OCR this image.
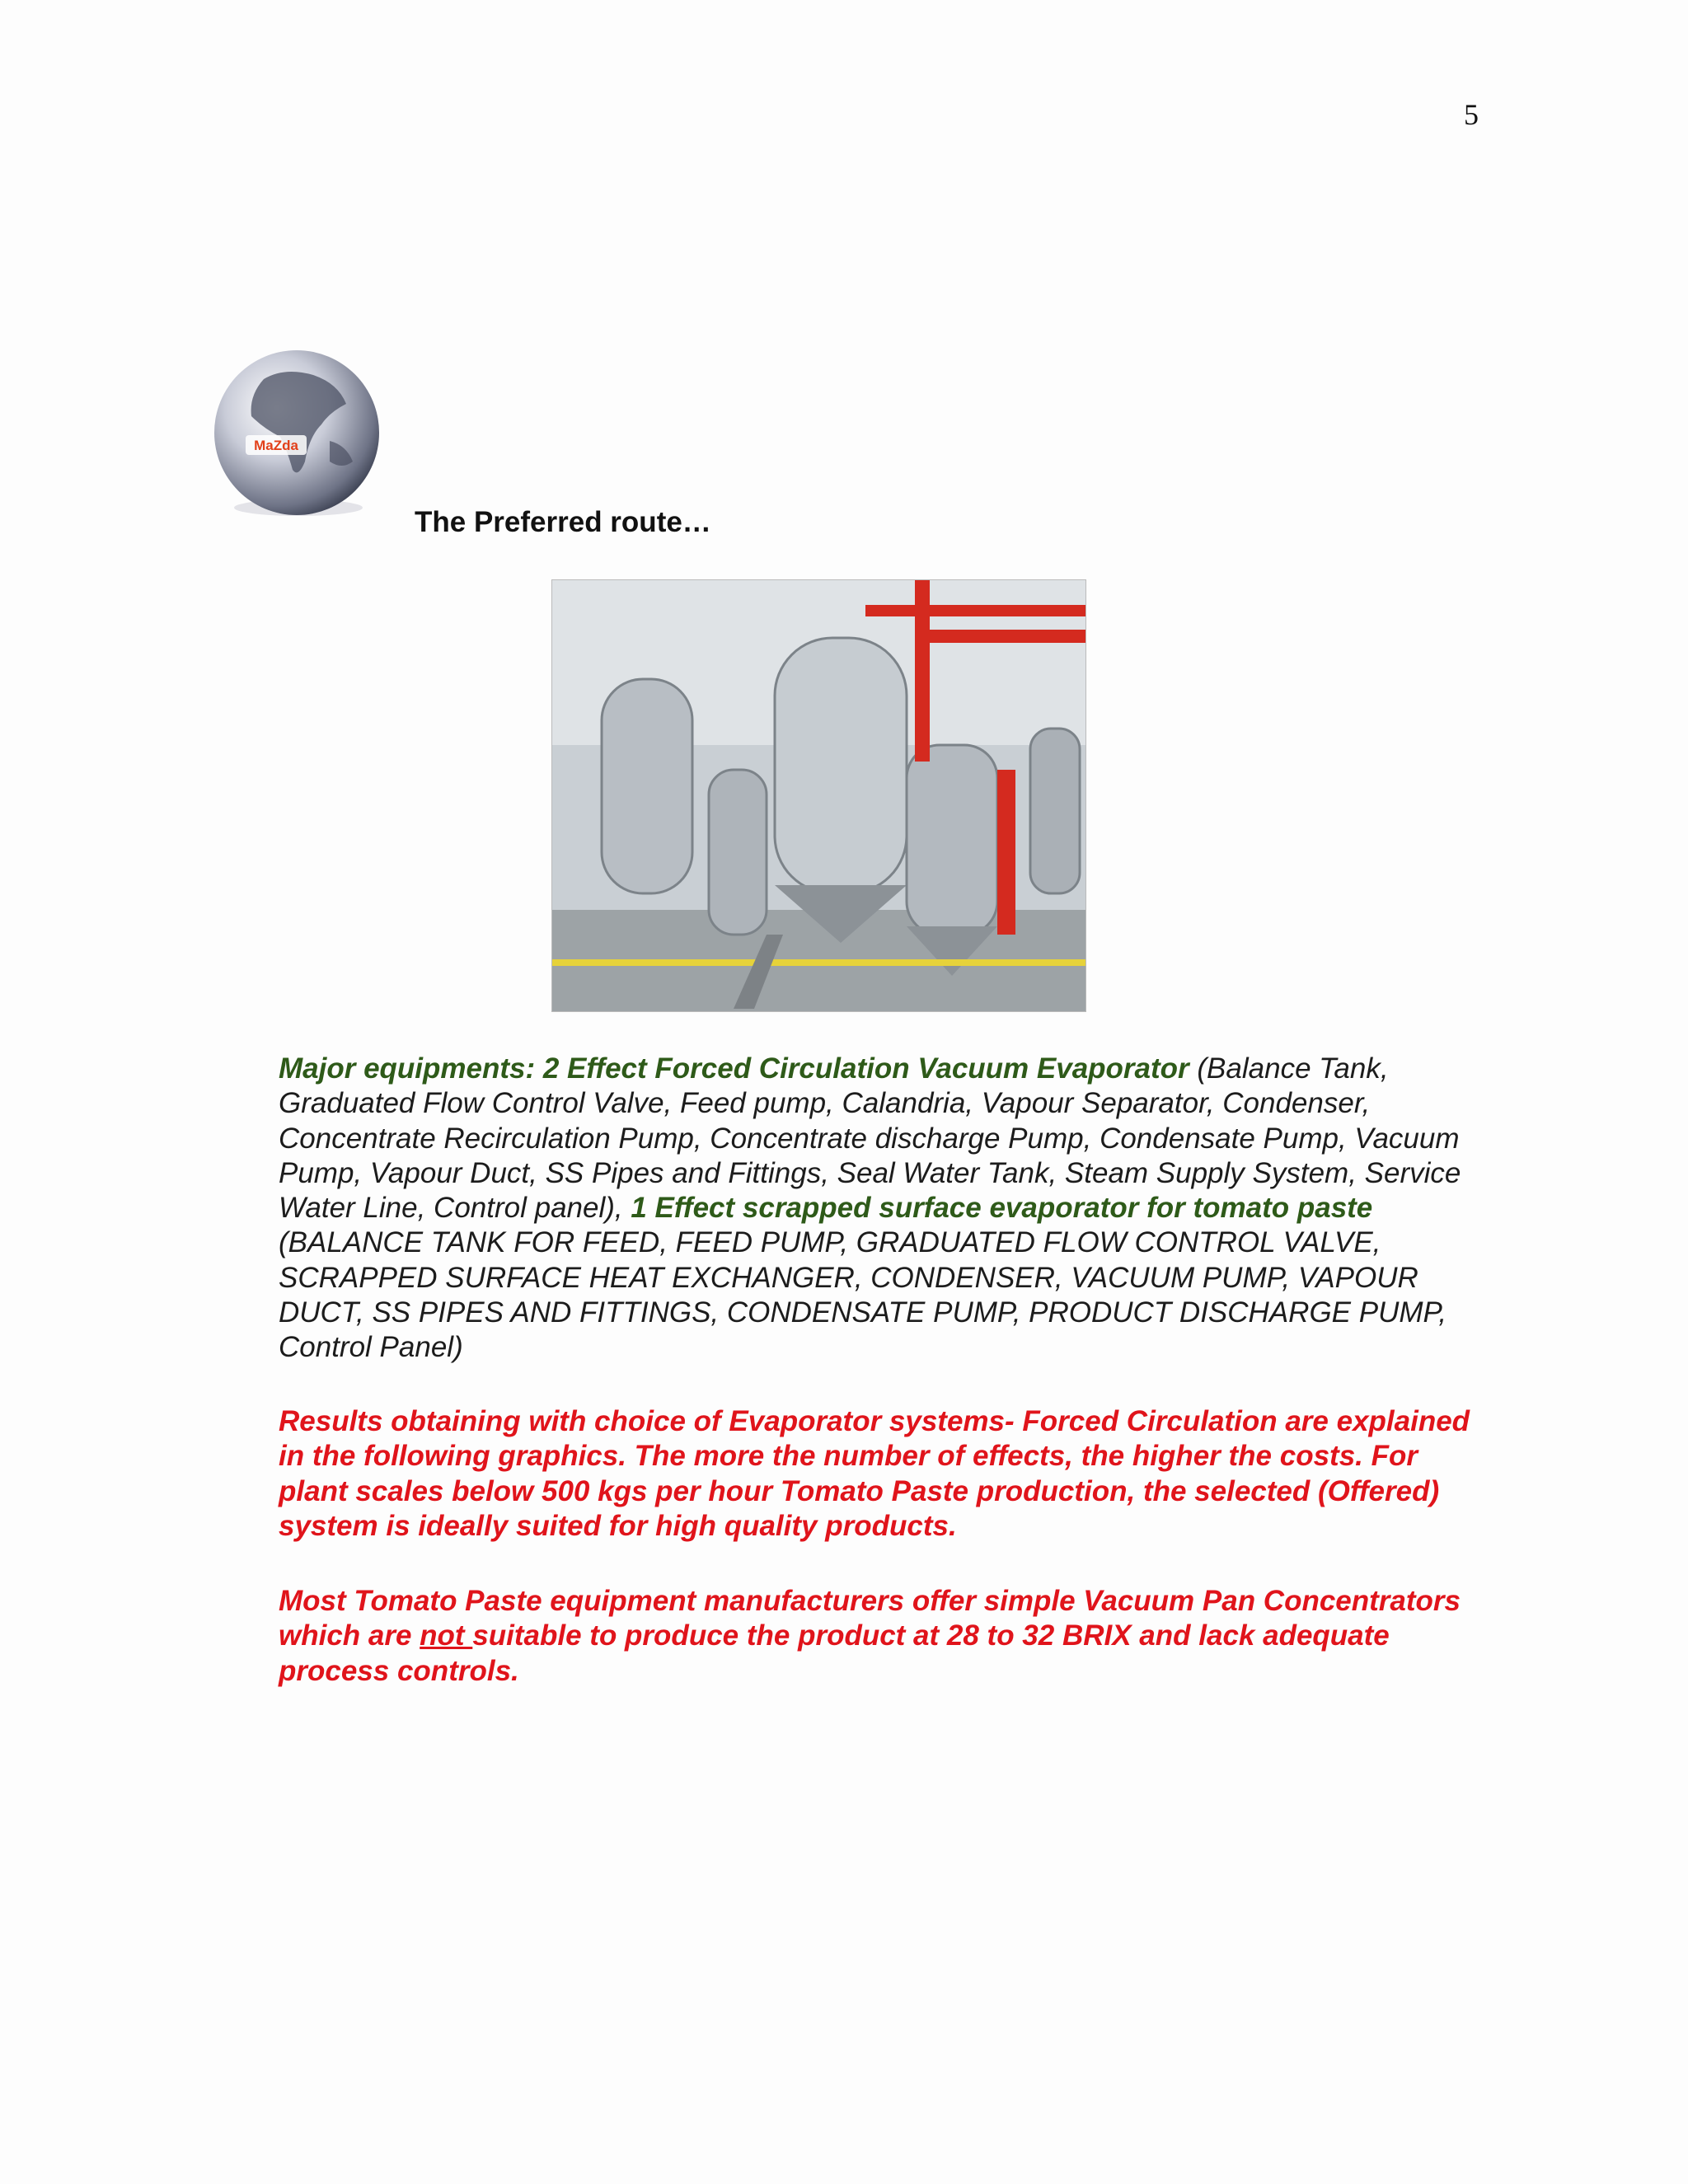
5
MaZda
The Preferred route…

Major equipments: 2 Effect Forced Circulation Vacuum Evaporator (Balance Tank, Graduated Flow Control Valve, Feed pump, Calandria, Vapour Separator, Condenser, Concentrate Recirculation Pump, Concentrate discharge Pump, Condensate Pump, Vacuum Pump, Vapour Duct, SS Pipes and Fittings, Seal Water Tank, Steam Supply System, Service Water Line, Control panel), 1 Effect scrapped surface evaporator for tomato paste (BALANCE TANK FOR FEED, FEED PUMP, GRADUATED FLOW CONTROL VALVE, SCRAPPED SURFACE HEAT EXCHANGER, CONDENSER, VACUUM PUMP, VAPOUR DUCT, SS PIPES AND FITTINGS, CONDENSATE PUMP, PRODUCT DISCHARGE PUMP, Control Panel)

Results obtaining with choice of Evaporator systems- Forced Circulation are explained in the following graphics. The more the number of effects, the higher the costs. For plant scales below 500 kgs per hour Tomato Paste production, the selected (Offered) system is ideally suited for high quality products.

Most Tomato Paste equipment manufacturers offer simple Vacuum Pan Concentrators which are not suitable to produce the product at 28 to 32 BRIX and lack adequate process controls.
